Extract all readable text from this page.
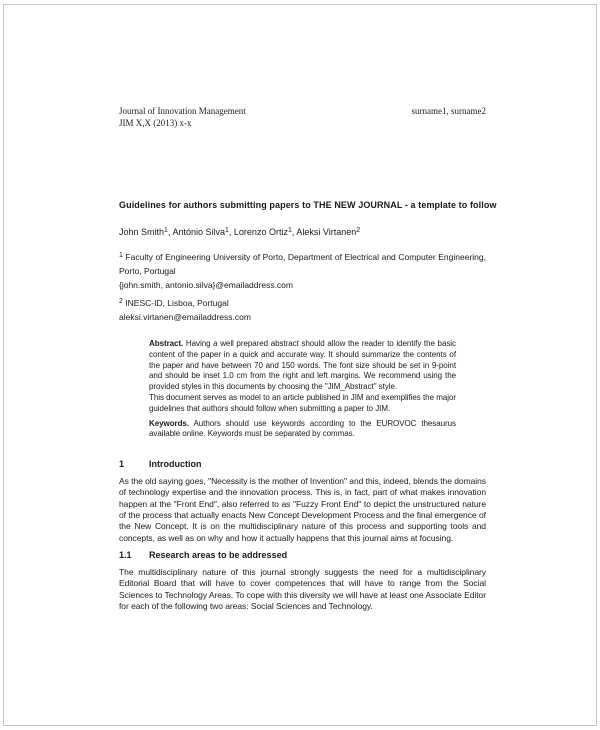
Journal of Innovation Management
JIM X,X (2013) x-x
surname1, surname2
Guidelines for authors submitting papers to THE NEW JOURNAL - a template to follow
John Smith$^1$, António Silva$^1$, Lorenzo Ortiz$^1$, Aleksi Virtanen$^2$
$^1$ Faculty of Engineering University of Porto, Department of Electrical and Computer Engineering, Porto, Portugal
{john.smith, antonio.silva}@emailaddress.com
$^2$ INESC-ID, Lisboa, Portugal
aleksi.virtanen@emailaddress.com
Abstract. Having a well prepared abstract should allow the reader to identify the basic content of the paper in a quick and accurate way. It should summarize the contents of the paper and have between 70 and 150 words. The font size should be set in 9-point and should be inset 1.0 cm from the right and left margins. We recommend using the provided styles in this documents by choosing the "JIM_Abstract" style.
This document serves as model to an article published in JIM and exemplifies the major guidelines that authors should follow when submitting a paper to JIM.
Keywords. Authors should use keywords according to the EUROVOC thesaurus available online. Keywords must be separated by commas.
1	Introduction
As the old saying goes, "Necessity is the mother of Invention" and this, indeed, blends the domains of technology expertise and the innovation process. This is, in fact, part of what makes innovation happen at the "Front End", also referred to as "Fuzzy Front End" to depict the unstructured nature of the process that actually enacts New Concept Development Process and the final emergence of the New Concept. It is on the multidisciplinary nature of this process and supporting tools and concepts, as well as on why and how it actually happens that this journal aims at focusing.
1.1 Research areas to be addressed
The multidisciplinary nature of this journal strongly suggests the need for a multidisciplinary Editorial Board that will have to cover competences that will have to range from the Social Sciences to Technology Areas. To cope with this diversity we will have at least one Associate Editor for each of the following two areas: Social Sciences and Technology.
